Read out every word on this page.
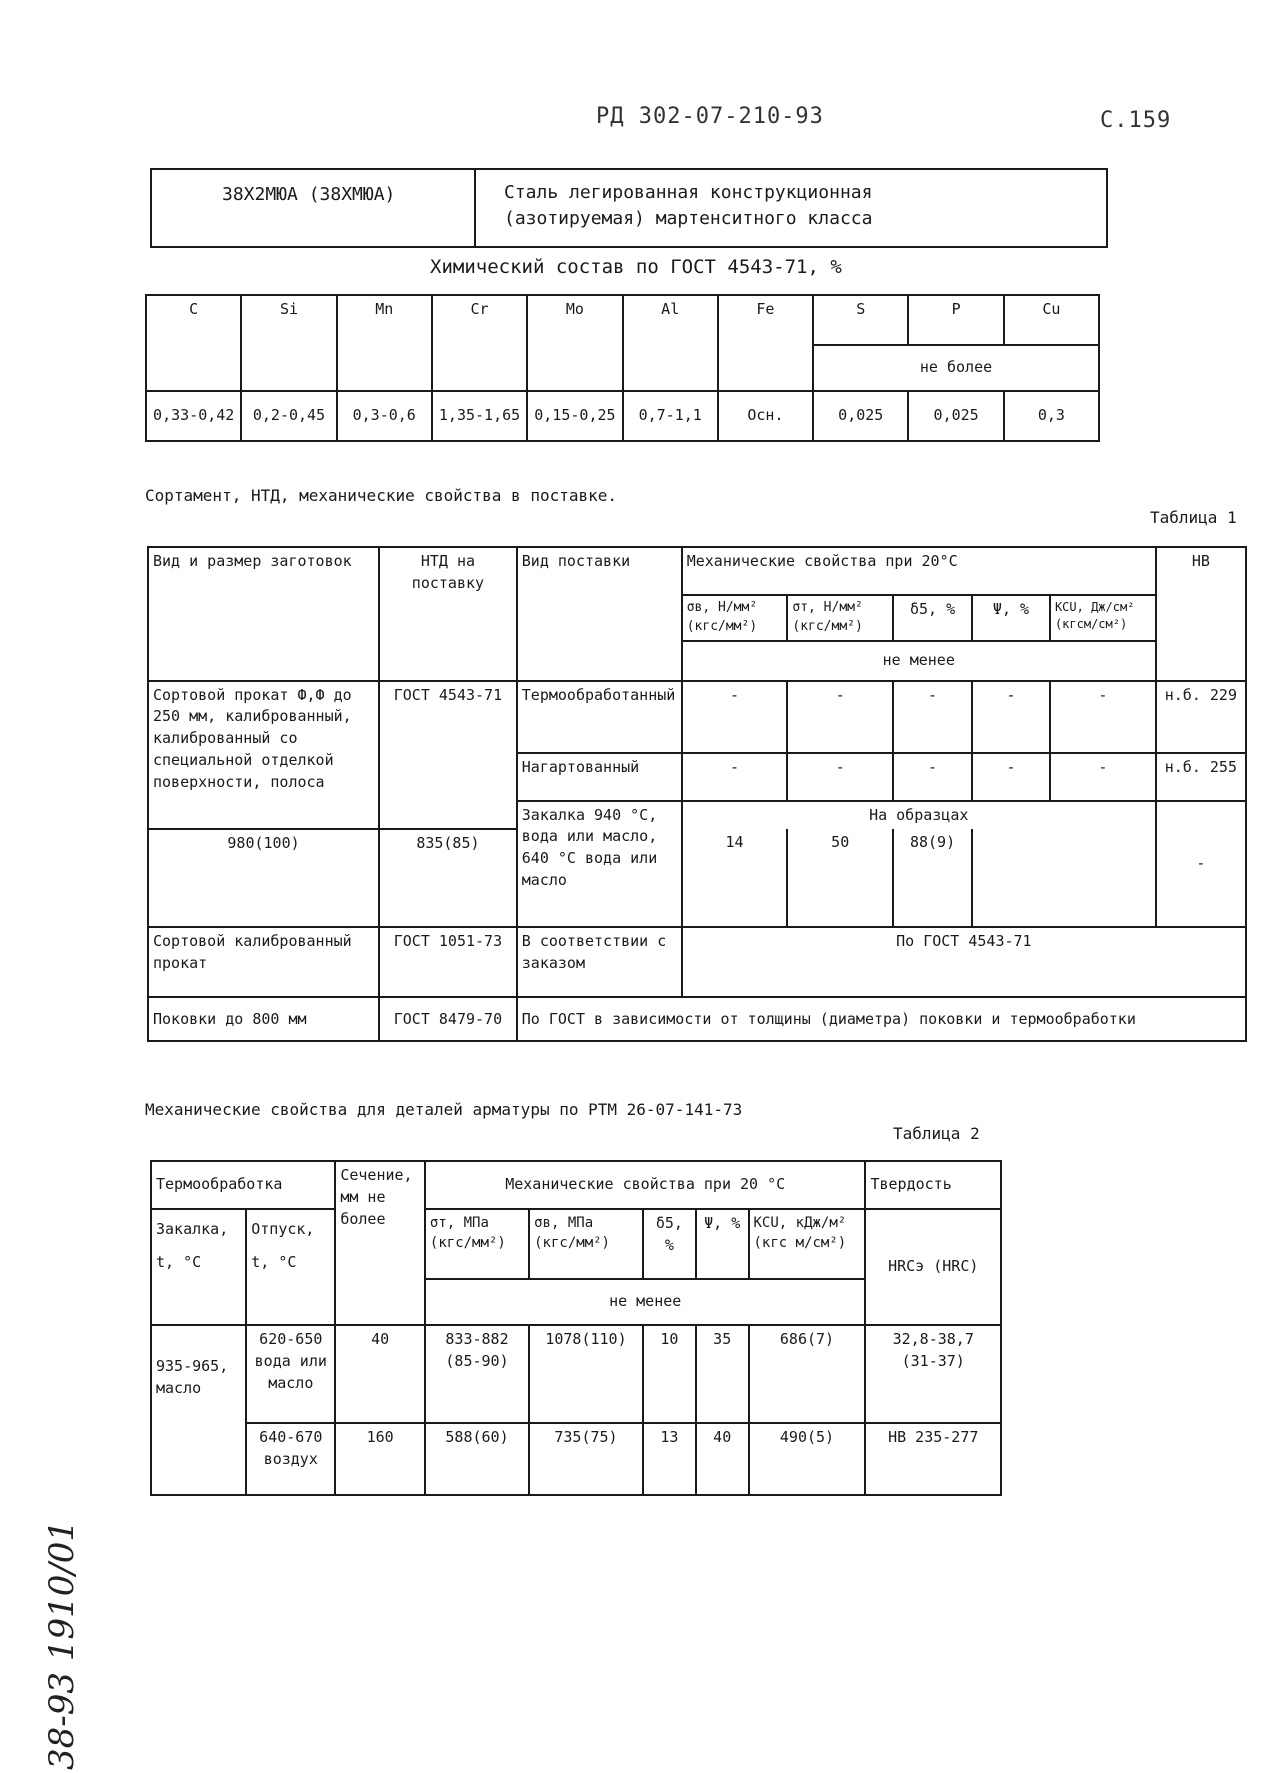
РД 302-07-210-93	С.159
38Х2МЮА (38ХМЮА)	Сталь легированная конструкционная
(азотируемая) мартенситного класса
Химический состав по ГОСТ 4543-71, %
C	Si	Mn	Cr	Mo	Al	Fe	S	P	Cu
							не более		
0,33-0,42	0,2-0,45	0,3-0,6	1,35-1,65	0,15-0,25	0,7-1,1	Осн.	0,025	0,025	0,3
Сортамент, НТД, механические свойства в поставке.
Таблица 1
Вид и размер заготовок	НТД на поставку	Вид поставки	Механические свойства при 20°С					НВ
			σв, Н/мм² (кгс/мм²)	σт, Н/мм² (кгс/мм²)	δ5, %	Ψ, %	KCU, Дж/см² (кгсм/см²)	
			не менее					
Сортовой прокат Ф,Ф до 250 мм, калиброванный, калиброванный со специальной отделкой поверхности, полоса	ГОСТ 4543-71	Термообработанный	-	-	-	-	-	н.б. 229
		Нагартованный	-	-	-	-	-	н.б. 255
		Закалка 940 °С, вода или масло, 640 °С вода или масло	На образцах					-
980(100)	835(85)		14	50	88(9)			
Сортовой калиброванный прокат	ГОСТ 1051-73	В соответствии с заказом	По ГОСТ 4543-71					
Поковки до 800 мм	ГОСТ 8479-70	По ГОСТ в зависимости от толщины (диаметра) поковки и термообработки						
Механические свойства для деталей арматуры по РТМ 26-07-141-73
Таблица 2
Термообработка		Сечение, мм не более	Механические свойства при 20 °С					Твердость
Закалка, t, °C	Отпуск, t, °C		σт, МПа (кгс/мм²)	σв, МПа (кгс/мм²)	δ5, %	Ψ, %	KCU, кДж/м² (кгс м/см²)	НRCэ (HRC)
			не менее					
935-965, масло	620-650 вода или масло	40	833-882 (85-90)	1078(110)	10	35	686(7)	32,8-38,7 (31-37)
	640-670 воздух	160	588(60)	735(75)	13	40	490(5)	НВ 235-277
38-93 1910/01
